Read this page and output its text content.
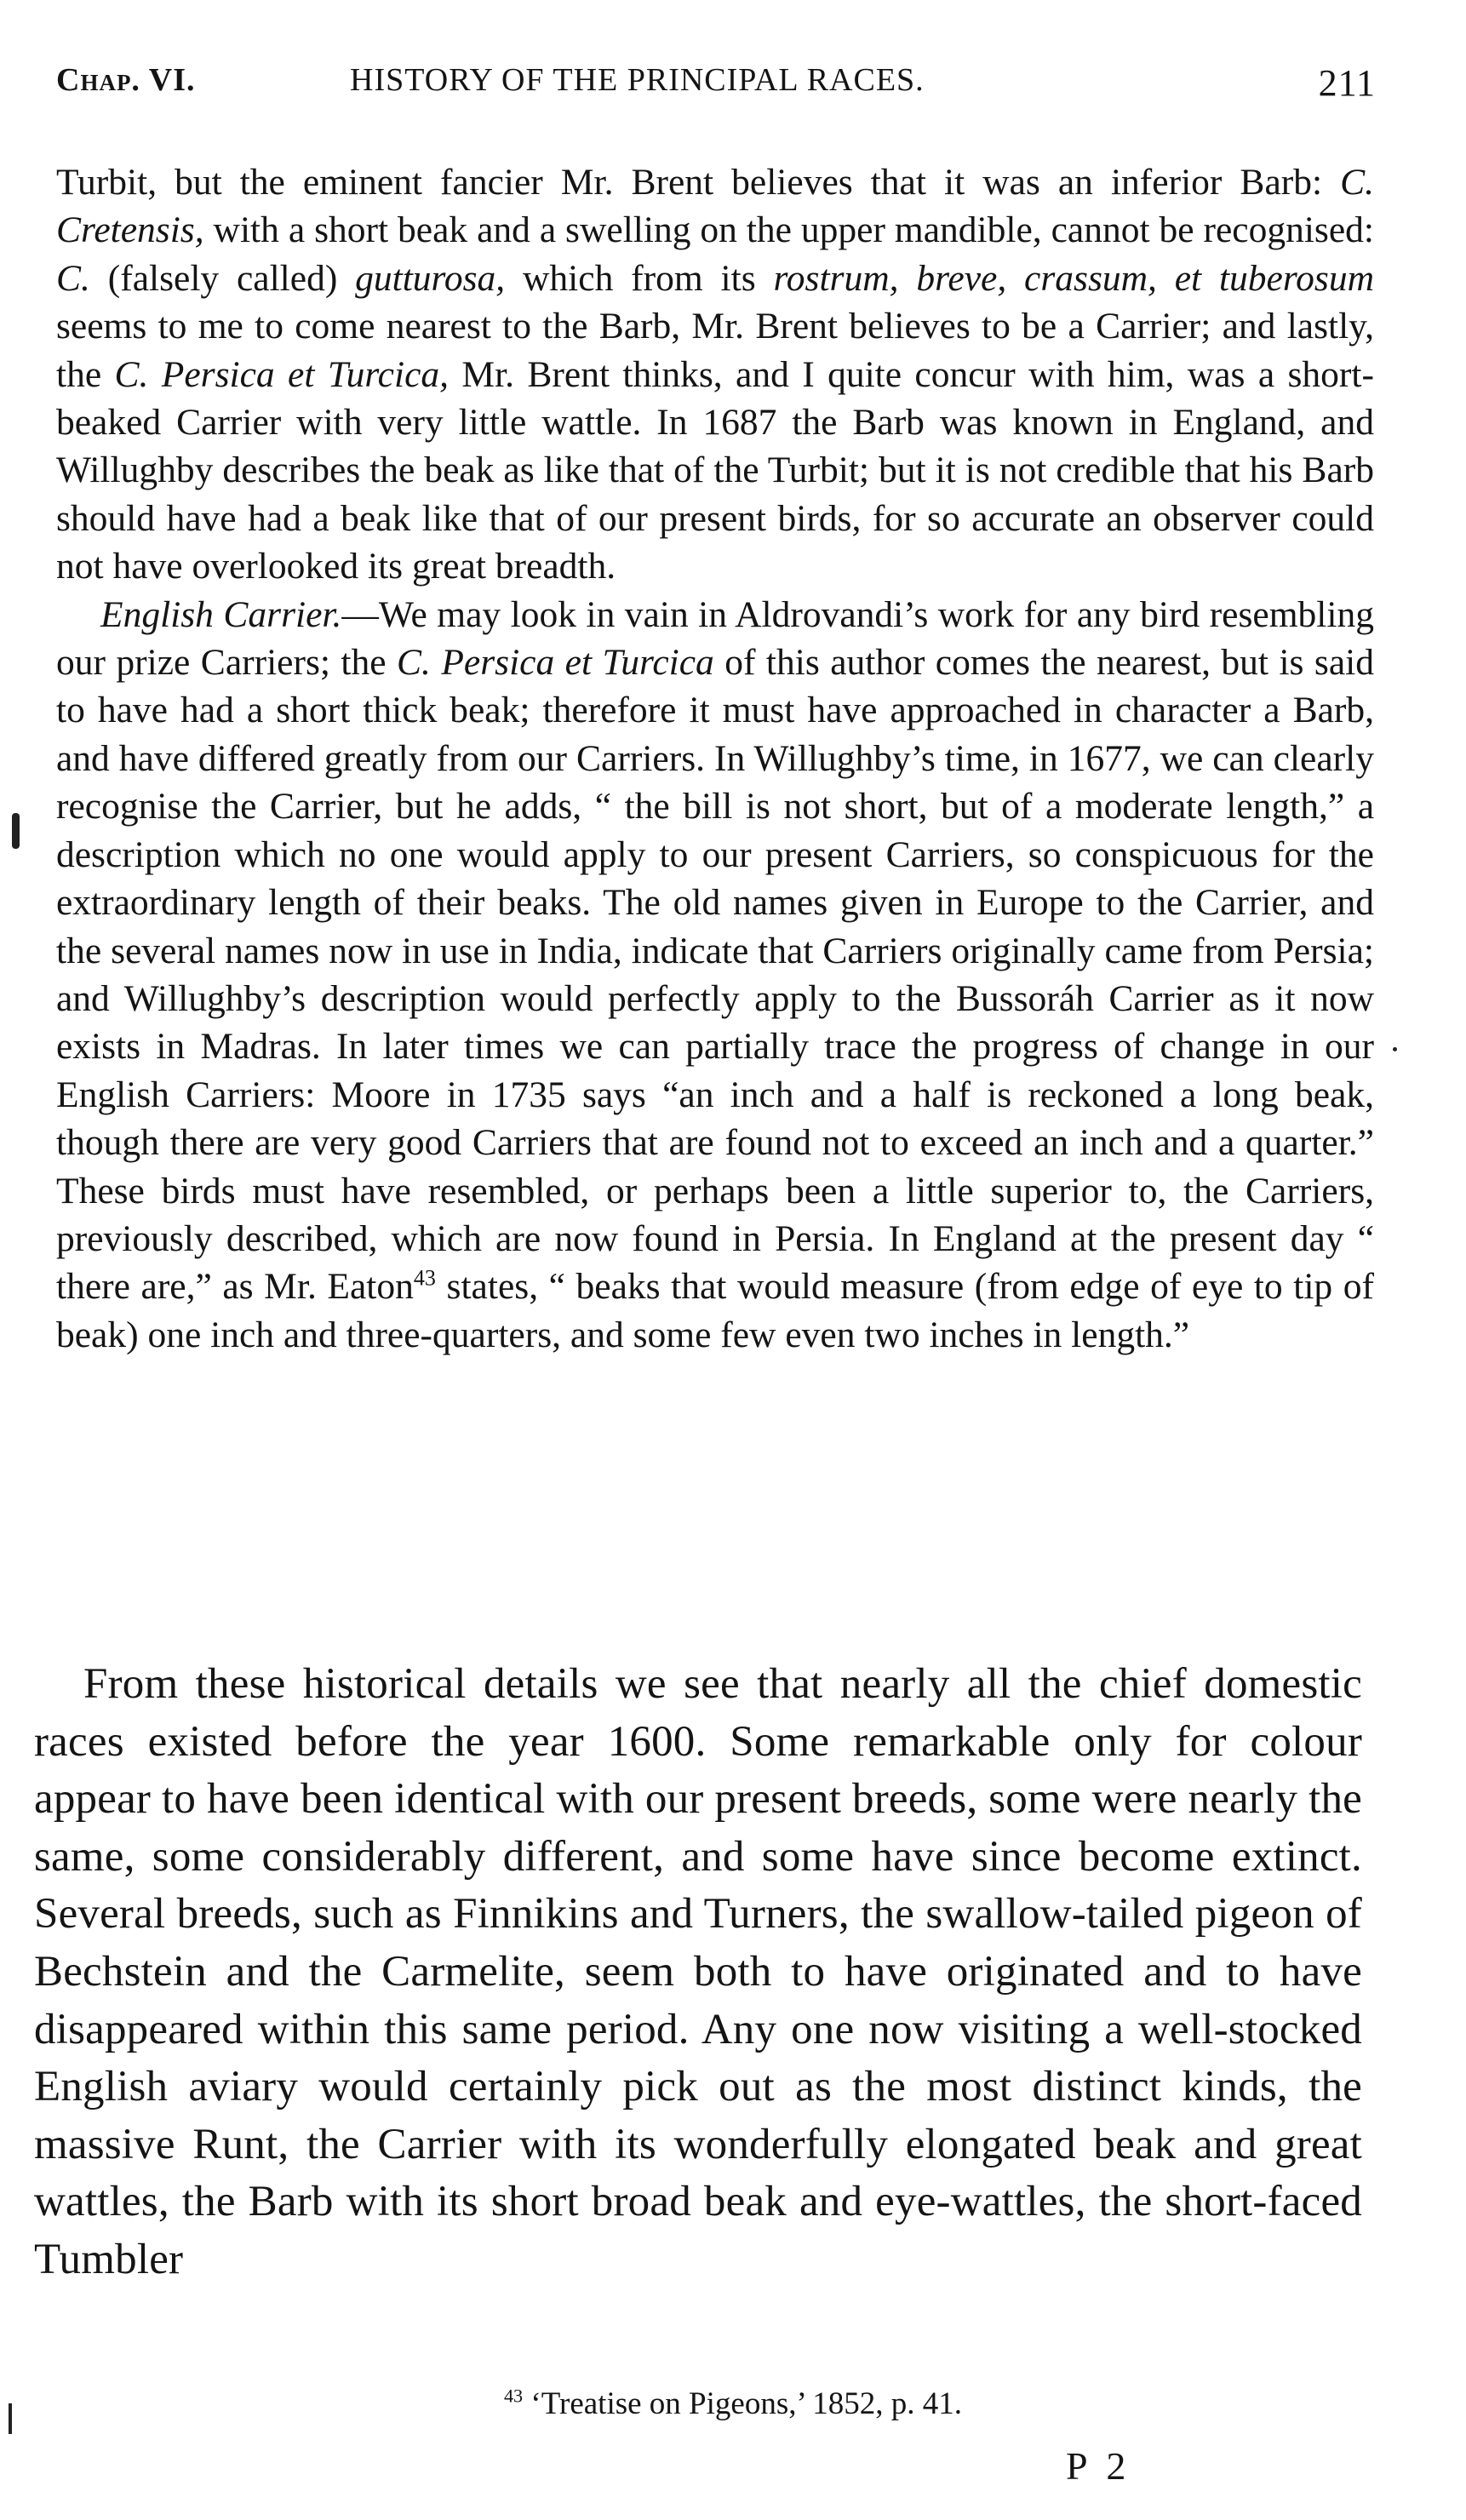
Chap. VI.	HISTORY OF THE PRINCIPAL RACES.	211

Turbit, but the eminent fancier Mr. Brent believes that it was an inferior Barb: C. Cretensis, with a short beak and a swelling on the upper mandible, cannot be recognised: C. (falsely called) gutturosa, which from its rostrum, breve, crassum, et tuberosum seems to me to come nearest to the Barb, Mr. Brent believes to be a Carrier; and lastly, the C. Persica et Turcica, Mr. Brent thinks, and I quite concur with him, was a short-beaked Carrier with very little wattle. In 1687 the Barb was known in England, and Willughby describes the beak as like that of the Turbit; but it is not credible that his Barb should have had a beak like that of our present birds, for so accurate an observer could not have overlooked its great breadth.

English Carrier.—We may look in vain in Aldrovandi’s work for any bird resembling our prize Carriers; the C. Persica et Turcica of this author comes the nearest, but is said to have had a short thick beak; therefore it must have approached in character a Barb, and have differed greatly from our Carriers. In Willughby’s time, in 1677, we can clearly recognise the Carrier, but he adds, “ the bill is not short, but of a moderate length,” a description which no one would apply to our present Carriers, so conspicuous for the extraordinary length of their beaks. The old names given in Europe to the Carrier, and the several names now in use in India, indicate that Carriers originally came from Persia; and Willughby’s description would perfectly apply to the Bussoráh Carrier as it now exists in Madras. In later times we can partially trace the progress of change in our English Carriers: Moore in 1735 says “an inch and a half is reckoned a long beak, though there are very good Carriers that are found not to exceed an inch and a quarter.” These birds must have resembled, or perhaps been a little superior to, the Carriers, previously described, which are now found in Persia. In England at the present day “ there are,” as Mr. Eaton$^{43}$ states, “ beaks that would measure (from edge of eye to tip of beak) one inch and three-quarters, and some few even two inches in length.”

From these historical details we see that nearly all the chief domestic races existed before the year 1600. Some remarkable only for colour appear to have been identical with our present breeds, some were nearly the same, some considerably different, and some have since become extinct. Several breeds, such as Finnikins and Turners, the swallow-tailed pigeon of Bechstein and the Carmelite, seem both to have originated and to have disappeared within this same period. Any one now visiting a well-stocked English aviary would certainly pick out as the most distinct kinds, the massive Runt, the Carrier with its wonderfully elongated beak and great wattles, the Barb with its short broad beak and eye-wattles, the short-faced Tumbler

$^{43}$ ‘Treatise on Pigeons,’ 1852, p. 41.
P 2
